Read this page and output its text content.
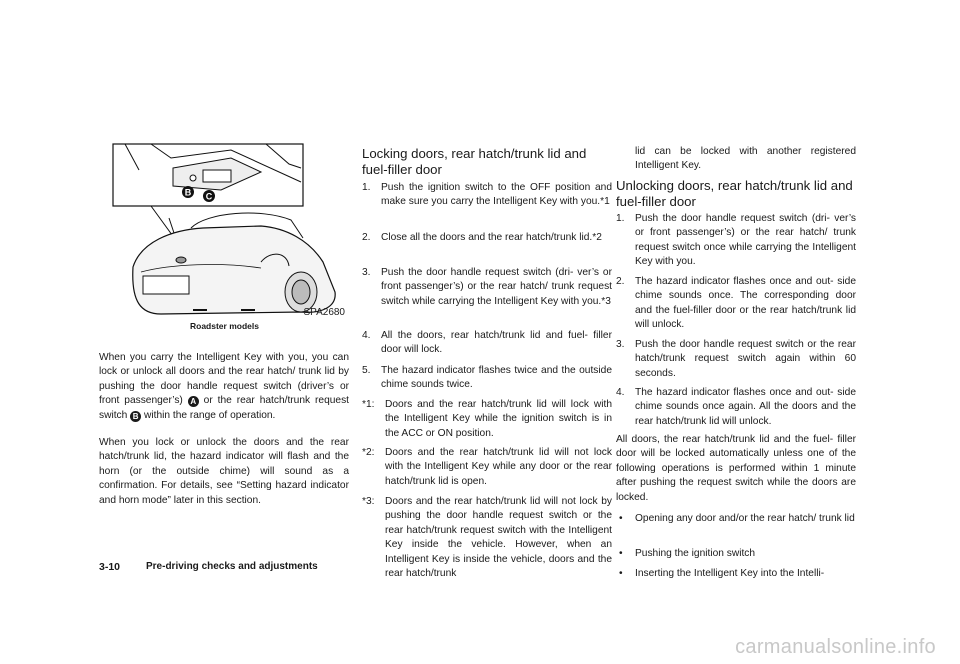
B C
SPA2680
Roadster models

When you carry the Intelligent Key with you, you can lock or unlock all doors and the rear hatch/ trunk lid by pushing the door handle request switch (driver’s or front passenger’s) A or the rear hatch/trunk request switch B within the range of operation.

When you lock or unlock the doors and the rear hatch/trunk lid, the hazard indicator will flash and the horn (or the outside chime) will sound as a confirmation. For details, see “Setting hazard indicator and horn mode” later in this section.

Locking doors, rear hatch/trunk lid and fuel-filler door
1. Push the ignition switch to the OFF position and make sure you carry the Intelligent Key with you.*1
2. Close all the doors and the rear hatch/trunk lid.*2
3. Push the door handle request switch (dri- ver’s or front passenger’s) or the rear hatch/ trunk request switch while carrying the Intelligent Key with you.*3
4. All the doors, rear hatch/trunk lid and fuel- filler door will lock.
5. The hazard indicator flashes twice and the outside chime sounds twice.
*1: Doors and the rear hatch/trunk lid will lock with the Intelligent Key while the ignition switch is in the ACC or ON position.
*2: Doors and the rear hatch/trunk lid will not lock with the Intelligent Key while any door or the rear hatch/trunk lid is open.
*3: Doors and the rear hatch/trunk lid will not lock by pushing the door handle request switch or the rear hatch/trunk request switch with the Intelligent Key inside the vehicle. However, when an Intelligent Key is inside the vehicle, doors and the rear hatch/trunk

lid can be locked with another registered Intelligent Key.

Unlocking doors, rear hatch/trunk lid and fuel-filler door
1. Push the door handle request switch (dri- ver’s or front passenger’s) or the rear hatch/ trunk request switch once while carrying the Intelligent Key with you.
2. The hazard indicator flashes once and out- side chime sounds once. The corresponding door and the fuel-filler door or the rear hatch/trunk lid will unlock.
3. Push the door handle request switch or the rear hatch/trunk request switch again within 60 seconds.
4. The hazard indicator flashes once and out- side chime sounds once again. All the doors and the rear hatch/trunk lid will unlock.

All doors, the rear hatch/trunk lid and the fuel- filler door will be locked automatically unless one of the following operations is performed within 1 minute after pushing the request switch while the doors are locked.

• Opening any door and/or the rear hatch/ trunk lid
• Pushing the ignition switch
• Inserting the Intelligent Key into the Intelli-
3-10	Pre-driving checks and adjustments
carmanualsonline.info
